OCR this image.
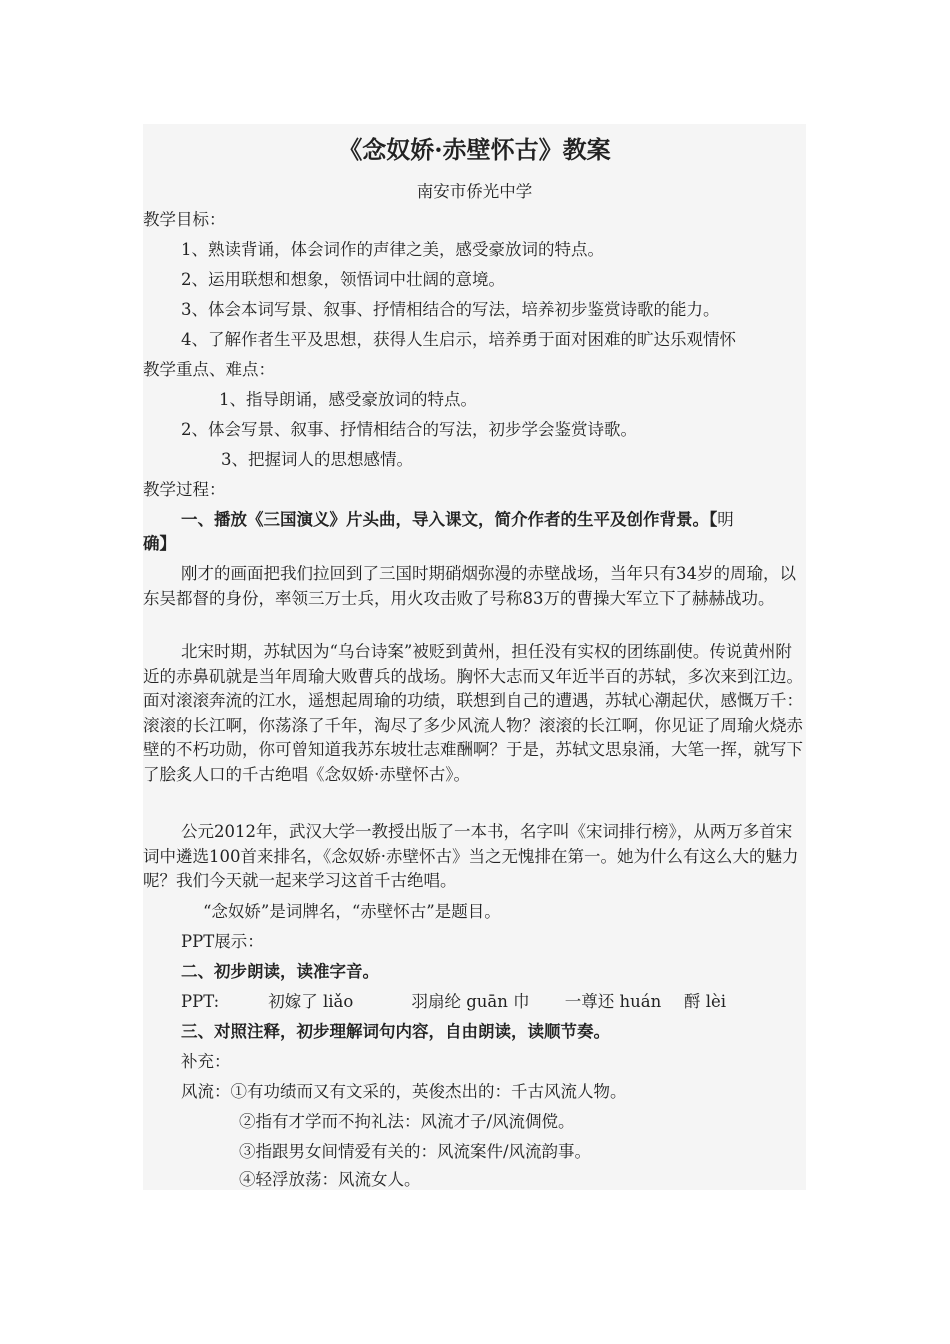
《念奴娇·赤壁怀古》教案
南安市侨光中学
教学目标：
1、熟读背诵，体会词作的声律之美，感受豪放词的特点。
2、运用联想和想象，领悟词中壮阔的意境。
3、体会本词写景、叙事、抒情相结合的写法，培养初步鉴赏诗歌的能力。
4、了解作者生平及思想，获得人生启示，培养勇于面对困难的旷达乐观情怀
教学重点、难点：
1、指导朗诵，感受豪放词的特点。
2、体会写景、叙事、抒情相结合的写法，初步学会鉴赏诗歌。
3、把握词人的思想感情。
教学过程：
一、播放《三国演义》片头曲，导入课文，简介作者的生平及创作背景。【明
确】
刚才的画面把我们拉回到了三国时期硝烟弥漫的赤壁战场，当年只有34岁的周瑜，以东吴都督的身份，率领三万士兵，用火攻击败了号称83万的曹操大军立下了赫赫战功。
北宋时期，苏轼因为“乌台诗案”被贬到黄州，担任没有实权的团练副使。传说黄州附近的赤鼻矶就是当年周瑜大败曹兵的战场。胸怀大志而又年近半百的苏轼，多次来到江边。面对滚滚奔流的江水，遥想起周瑜的功绩，联想到自己的遭遇，苏轼心潮起伏，感慨万千：滚滚的长江啊，你荡涤了千年，淘尽了多少风流人物？滚滚的长江啊，你见证了周瑜火烧赤壁的不朽功勋，你可曾知道我苏东坡壮志难酬啊？于是，苏轼文思泉涌，大笔一挥，就写下了脍炙人口的千古绝唱《念奴娇·赤壁怀古》。
公元2012年，武汉大学一教授出版了一本书，名字叫《宋词排行榜》，从两万多首宋词中遴选100首来排名，《念奴娇·赤壁怀古》当之无愧排在第一。她为什么有这么大的魅力呢？我们今天就一起来学习这首千古绝唱。
“念奴娇”是词牌名，“赤壁怀古”是题目。
PPT展示：
二、初步朗读，读准字音。
PPT:	初嫁了 liǎo	羽扇纶 guān 巾 一尊还 huán 酹 lèi
三、对照注释，初步理解词句内容，自由朗读，读顺节奏。
补充：
风流：①有功绩而又有文采的，英俊杰出的：千古风流人物。
②指有才学而不拘礼法：风流才子/风流倜傥。
③指跟男女间情爱有关的：风流案件/风流韵事。
④轻浮放荡：风流女人。
